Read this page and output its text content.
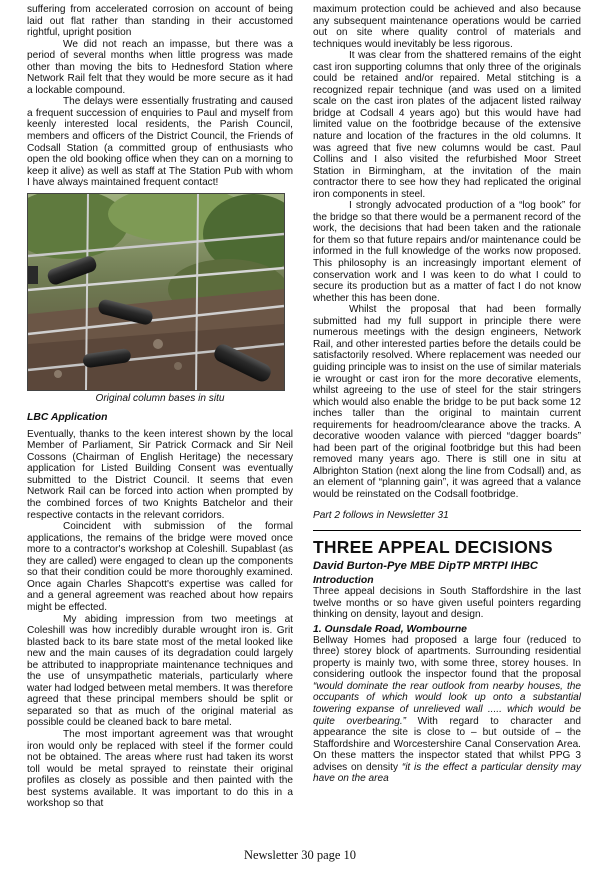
suffering from accelerated corrosion on account of being laid out flat rather than standing in their accustomed rightful, upright position

We did not reach an impasse, but there was a period of several months when little progress was made other than moving the bits to Hednesford Station where Network Rail felt that they would be more secure as it had a lockable compound.

The delays were essentially frustrating and caused a frequent succession of enquiries to Paul and myself from keenly interested local residents, the Parish Council, members and officers of the District Council, the Friends of Codsall Station (a committed group of enthusiasts who open the old booking office when they can on a morning to keep it alive) as well as staff at The Station Pub with whom I have always maintained frequent contact!

Original column bases in situ
LBC Application

Eventually, thanks to the keen interest shown by the local Member of Parliament, Sir Patrick Cormack and Sir Neil Cossons (Chairman of English Heritage) the necessary application for Listed Building Consent was eventually submitted to the District Council. It seems that even Network Rail can be forced into action when prompted by the combined forces of two Knights Batchelor and their respective contacts in the relevant corridors.

Coincident with submission of the formal applications, the remains of the bridge were moved once more to a contractor's workshop at Coleshill. Supablast (as they are called) were engaged to clean up the components so that their condition could be more thoroughly examined. Once again Charles Shapcott's expertise was called for and a general agreement was reached about how repairs might be effected.

My abiding impression from two meetings at Coleshill was how incredibly durable wrought iron is. Grit blasted back to its bare state most of the metal looked like new and the main causes of its degradation could largely be attributed to inappropriate maintenance techniques and the use of unsympathetic materials, particularly where water had lodged between metal members. It was therefore agreed that these principal members should be split or separated so that as much of the original material as possible could be cleaned back to bare metal.

The most important agreement was that wrought iron would only be replaced with steel if the former could not be obtained. The areas where rust had taken its worst toll would be metal sprayed to reinstate their original profiles as closely as possible and then painted with the best systems available. It was important to do this in a workshop so that

maximum protection could be achieved and also because any subsequent maintenance operations would be carried out on site where quality control of materials and techniques would inevitably be less rigorous.

It was clear from the shattered remains of the eight cast iron supporting columns that only three of the originals could be retained and/or repaired. Metal stitching is a recognized repair technique (and was used on a limited scale on the cast iron plates of the adjacent listed railway bridge at Codsall 4 years ago) but this would have had limited value on the footbridge because of the extensive nature and location of the fractures in the old columns. It was agreed that five new columns would be cast. Paul Collins and I also visited the refurbished Moor Street Station in Birmingham, at the invitation of the main contractor there to see how they had replicated the original iron components in steel.

I strongly advocated production of a “log book” for the bridge so that there would be a permanent record of the work, the decisions that had been taken and the rationale for them so that future repairs and/or maintenance could be informed in the full knowledge of the works now proposed. This philosophy is an increasingly important element of conservation work and I was keen to do what I could to secure its production but as a matter of fact I do not know whether this has been done.

Whilst the proposal that had been formally submitted had my full support in principle there were numerous meetings with the design engineers, Network Rail, and other interested parties before the details could be satisfactorily resolved. Where replacement was needed our guiding principle was to insist on the use of similar materials ie wrought or cast iron for the more decorative elements, whilst agreeing to the use of steel for the stair stringers which would also enable the bridge to be put back some 12 inches taller than the original to maintain current requirements for headroom/clearance above the tracks. A decorative wooden valance with pierced “dagger boards” had been part of the original footbridge but this had been removed many years ago. There is still one in situ at Albrighton Station (next along the line from Codsall) and, as an element of “planning gain”, it was agreed that a valance would be reinstated on the Codsall footbridge.

Part 2 follows in Newsletter 31

THREE APPEAL DECISIONS
David Burton-Pye MBE DipTP MRTPI IHBC
Introduction

Three appeal decisions in South Staffordshire in the last twelve months or so have given useful pointers regarding thinking on density, layout and design.

1. Ounsdale Road, Wombourne

Bellway Homes had proposed a large four (reduced to three) storey block of apartments. Surrounding residential property is mainly two, with some three, storey houses. In considering outlook the inspector found that the proposal “would dominate the rear outlook from nearby houses, the occupants of which would look up onto a substantial towering expanse of unrelieved wall ..... which would be quite overbearing.” With regard to character and appearance the site is close to – but outside of – the Staffordshire and Worcestershire Canal Conservation Area. On these matters the inspector stated that whilst PPG 3 advises on density “it is the effect a particular density may have on the area

Newsletter 30 page 10
